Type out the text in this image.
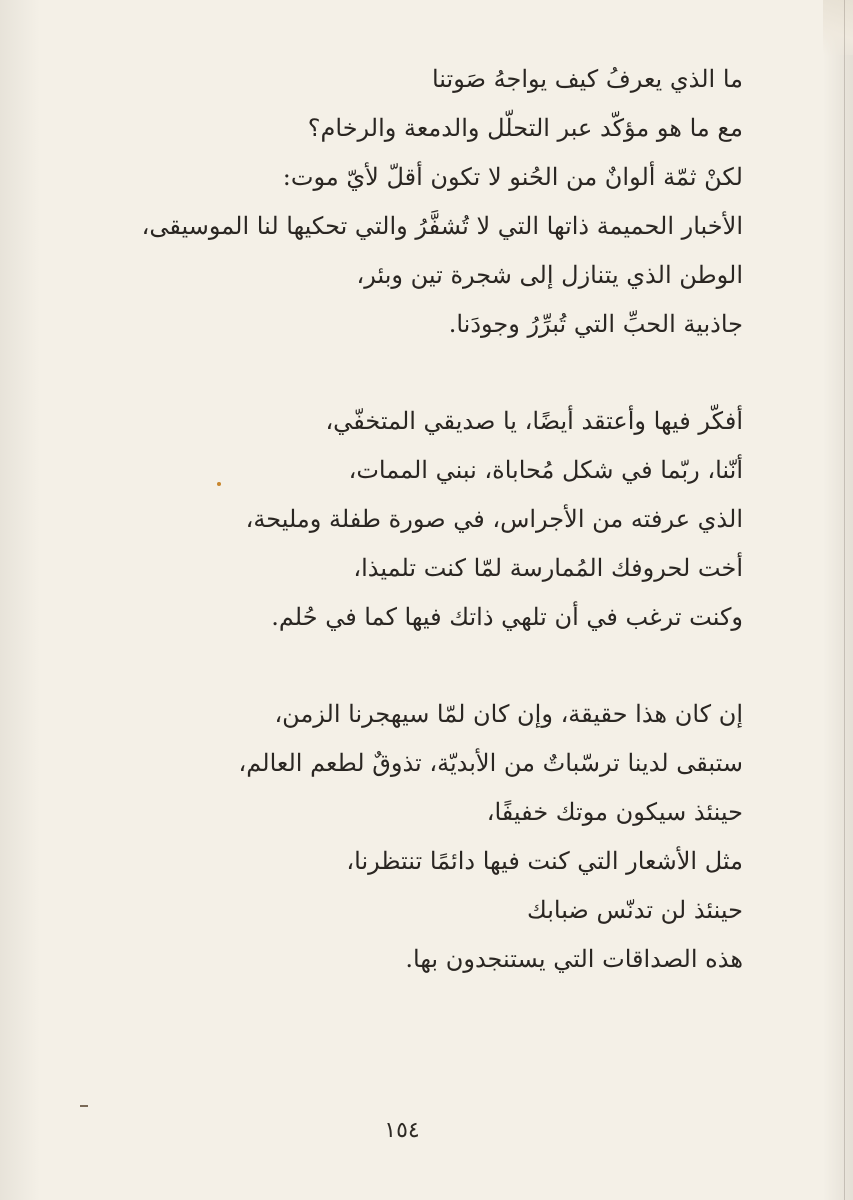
ما الذي يعرفُ كيف يواجهُ صَوتنا
مع ما هو مؤكّد عبر التحلّل والدمعة والرخام؟
لكنْ ثمّة ألوانٌ من الحُنو لا تكون أقلّ لأيّ موت:
الأخبار الحميمة ذاتها التي لا تُشفَّرُ والتي تحكيها لنا الموسيقى،
الوطن الذي يتنازل إلى شجرة تين وبئر،
جاذبية الحبِّ التي تُبرِّرُ وجودَنا.
أفكّر فيها وأعتقد أيضًا، يا صديقي المتخفّي،
أنّنا، ربّما في شكل مُحاباة، نبني الممات،
الذي عرفته من الأجراس، في صورة طفلة ومليحة،
أخت لحروفك المُمارسة لمّا كنت تلميذا،
وكنت ترغب في أن تلهي ذاتك فيها كما في حُلم.
إن كان هذا حقيقة، وإن كان لمّا سيهجرنا الزمن،
ستبقى لدينا ترسّباتٌ من الأبديّة، تذوقٌ لطعم العالم،
حينئذ سيكون موتك خفيفًا،
مثل الأشعار التي كنت فيها دائمًا تنتظرنا،
حينئذ لن تدنّس ضبابك
هذه الصداقات التي يستنجدون بها.
١٥٤
